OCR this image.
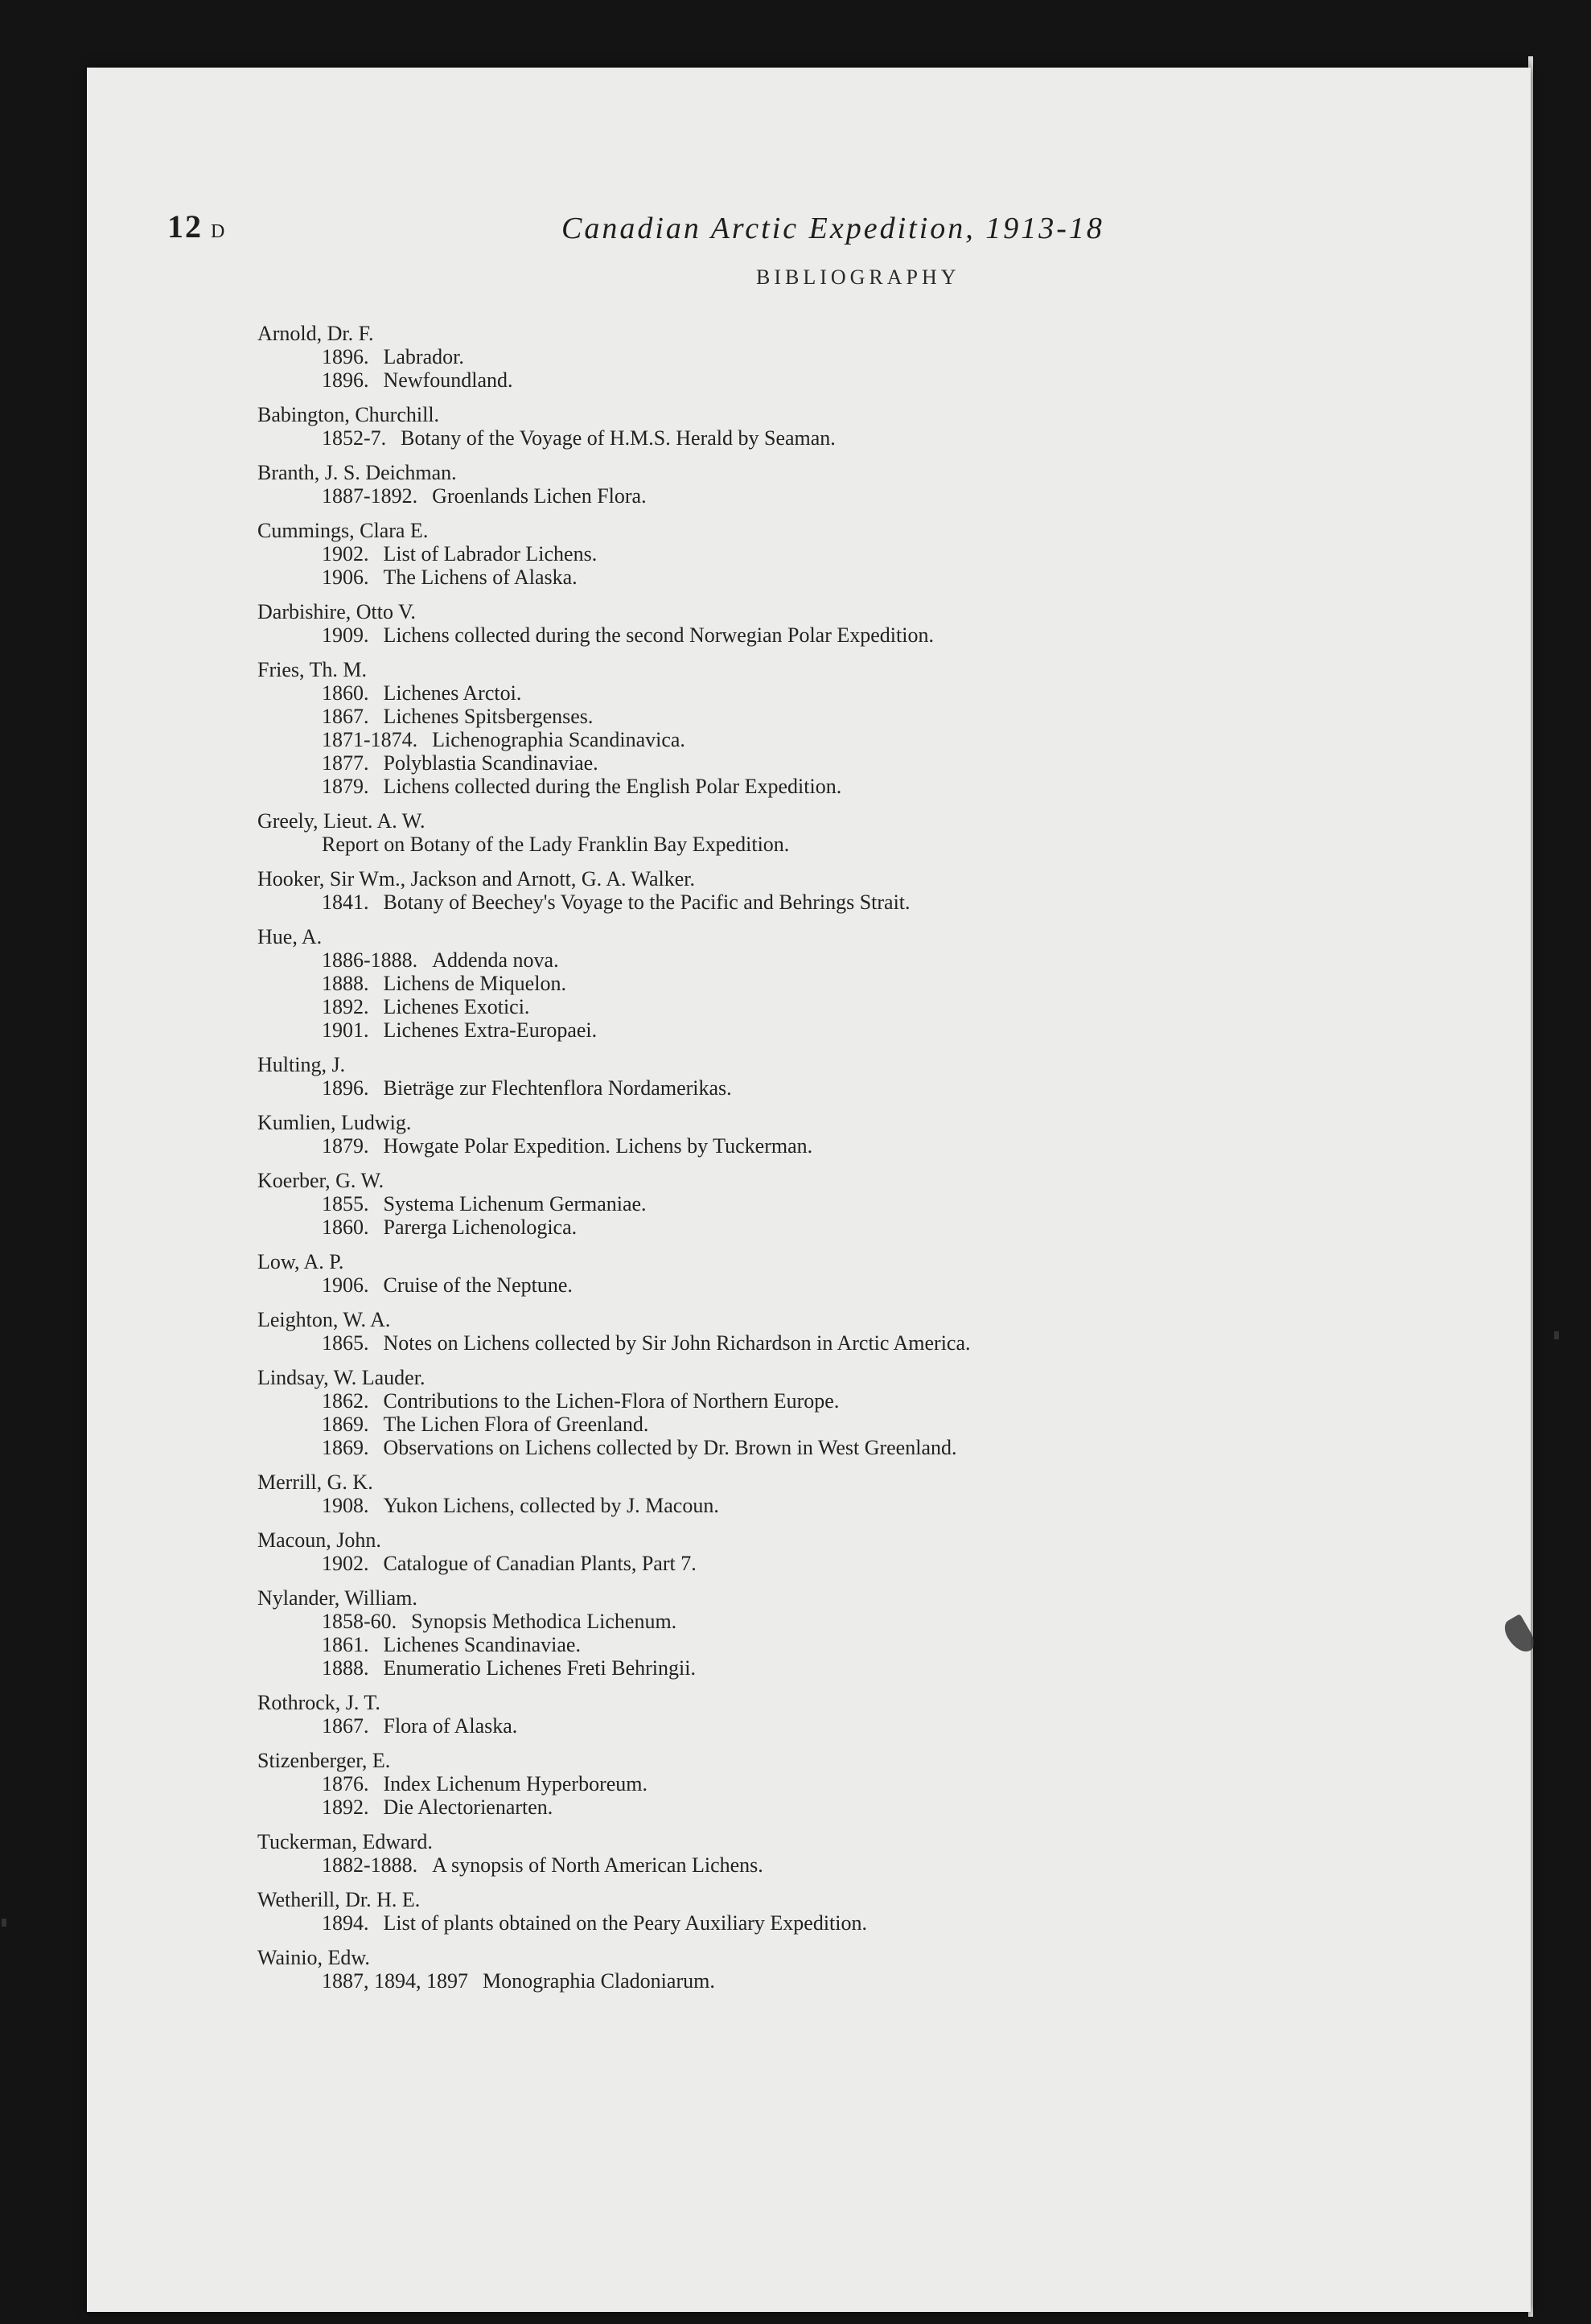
12 D	Canadian Arctic Expedition, 1913-18
BIBLIOGRAPHY
Arnold, Dr. F.
1896. Labrador.
1896. Newfoundland.
Babington, Churchill.
1852-7. Botany of the Voyage of H.M.S. Herald by Seaman.
Branth, J. S. Deichman.
1887-1892. Groenlands Lichen Flora.
Cummings, Clara E.
1902. List of Labrador Lichens.
1906. The Lichens of Alaska.
Darbishire, Otto V.
1909. Lichens collected during the second Norwegian Polar Expedition.
Fries, Th. M.
1860. Lichenes Arctoi.
1867. Lichenes Spitsbergenses.
1871-1874. Lichenographia Scandinavica.
1877. Polyblastia Scandinaviae.
1879. Lichens collected during the English Polar Expedition.
Greely, Lieut. A. W.
Report on Botany of the Lady Franklin Bay Expedition.
Hooker, Sir Wm., Jackson and Arnott, G. A. Walker.
1841. Botany of Beechey's Voyage to the Pacific and Behrings Strait.
Hue, A.
1886-1888. Addenda nova.
1888. Lichens de Miquelon.
1892. Lichenes Exotici.
1901. Lichenes Extra-Europaei.
Hulting, J.
1896. Bieträge zur Flechtenflora Nordamerikas.
Kumlien, Ludwig.
1879. Howgate Polar Expedition. Lichens by Tuckerman.
Koerber, G. W.
1855. Systema Lichenum Germaniae.
1860. Parerga Lichenologica.
Low, A. P.
1906. Cruise of the Neptune.
Leighton, W. A.
1865. Notes on Lichens collected by Sir John Richardson in Arctic America.
Lindsay, W. Lauder.
1862. Contributions to the Lichen-Flora of Northern Europe.
1869. The Lichen Flora of Greenland.
1869. Observations on Lichens collected by Dr. Brown in West Greenland.
Merrill, G. K.
1908. Yukon Lichens, collected by J. Macoun.
Macoun, John.
1902. Catalogue of Canadian Plants, Part 7.
Nylander, William.
1858-60. Synopsis Methodica Lichenum.
1861. Lichenes Scandinaviae.
1888. Enumeratio Lichenes Freti Behringii.
Rothrock, J. T.
1867. Flora of Alaska.
Stizenberger, E.
1876. Index Lichenum Hyperboreum.
1892. Die Alectorienarten.
Tuckerman, Edward.
1882-1888. A synopsis of North American Lichens.
Wetherill, Dr. H. E.
1894. List of plants obtained on the Peary Auxiliary Expedition.
Wainio, Edw.
1887, 1894, 1897 Monographia Cladoniarum.
